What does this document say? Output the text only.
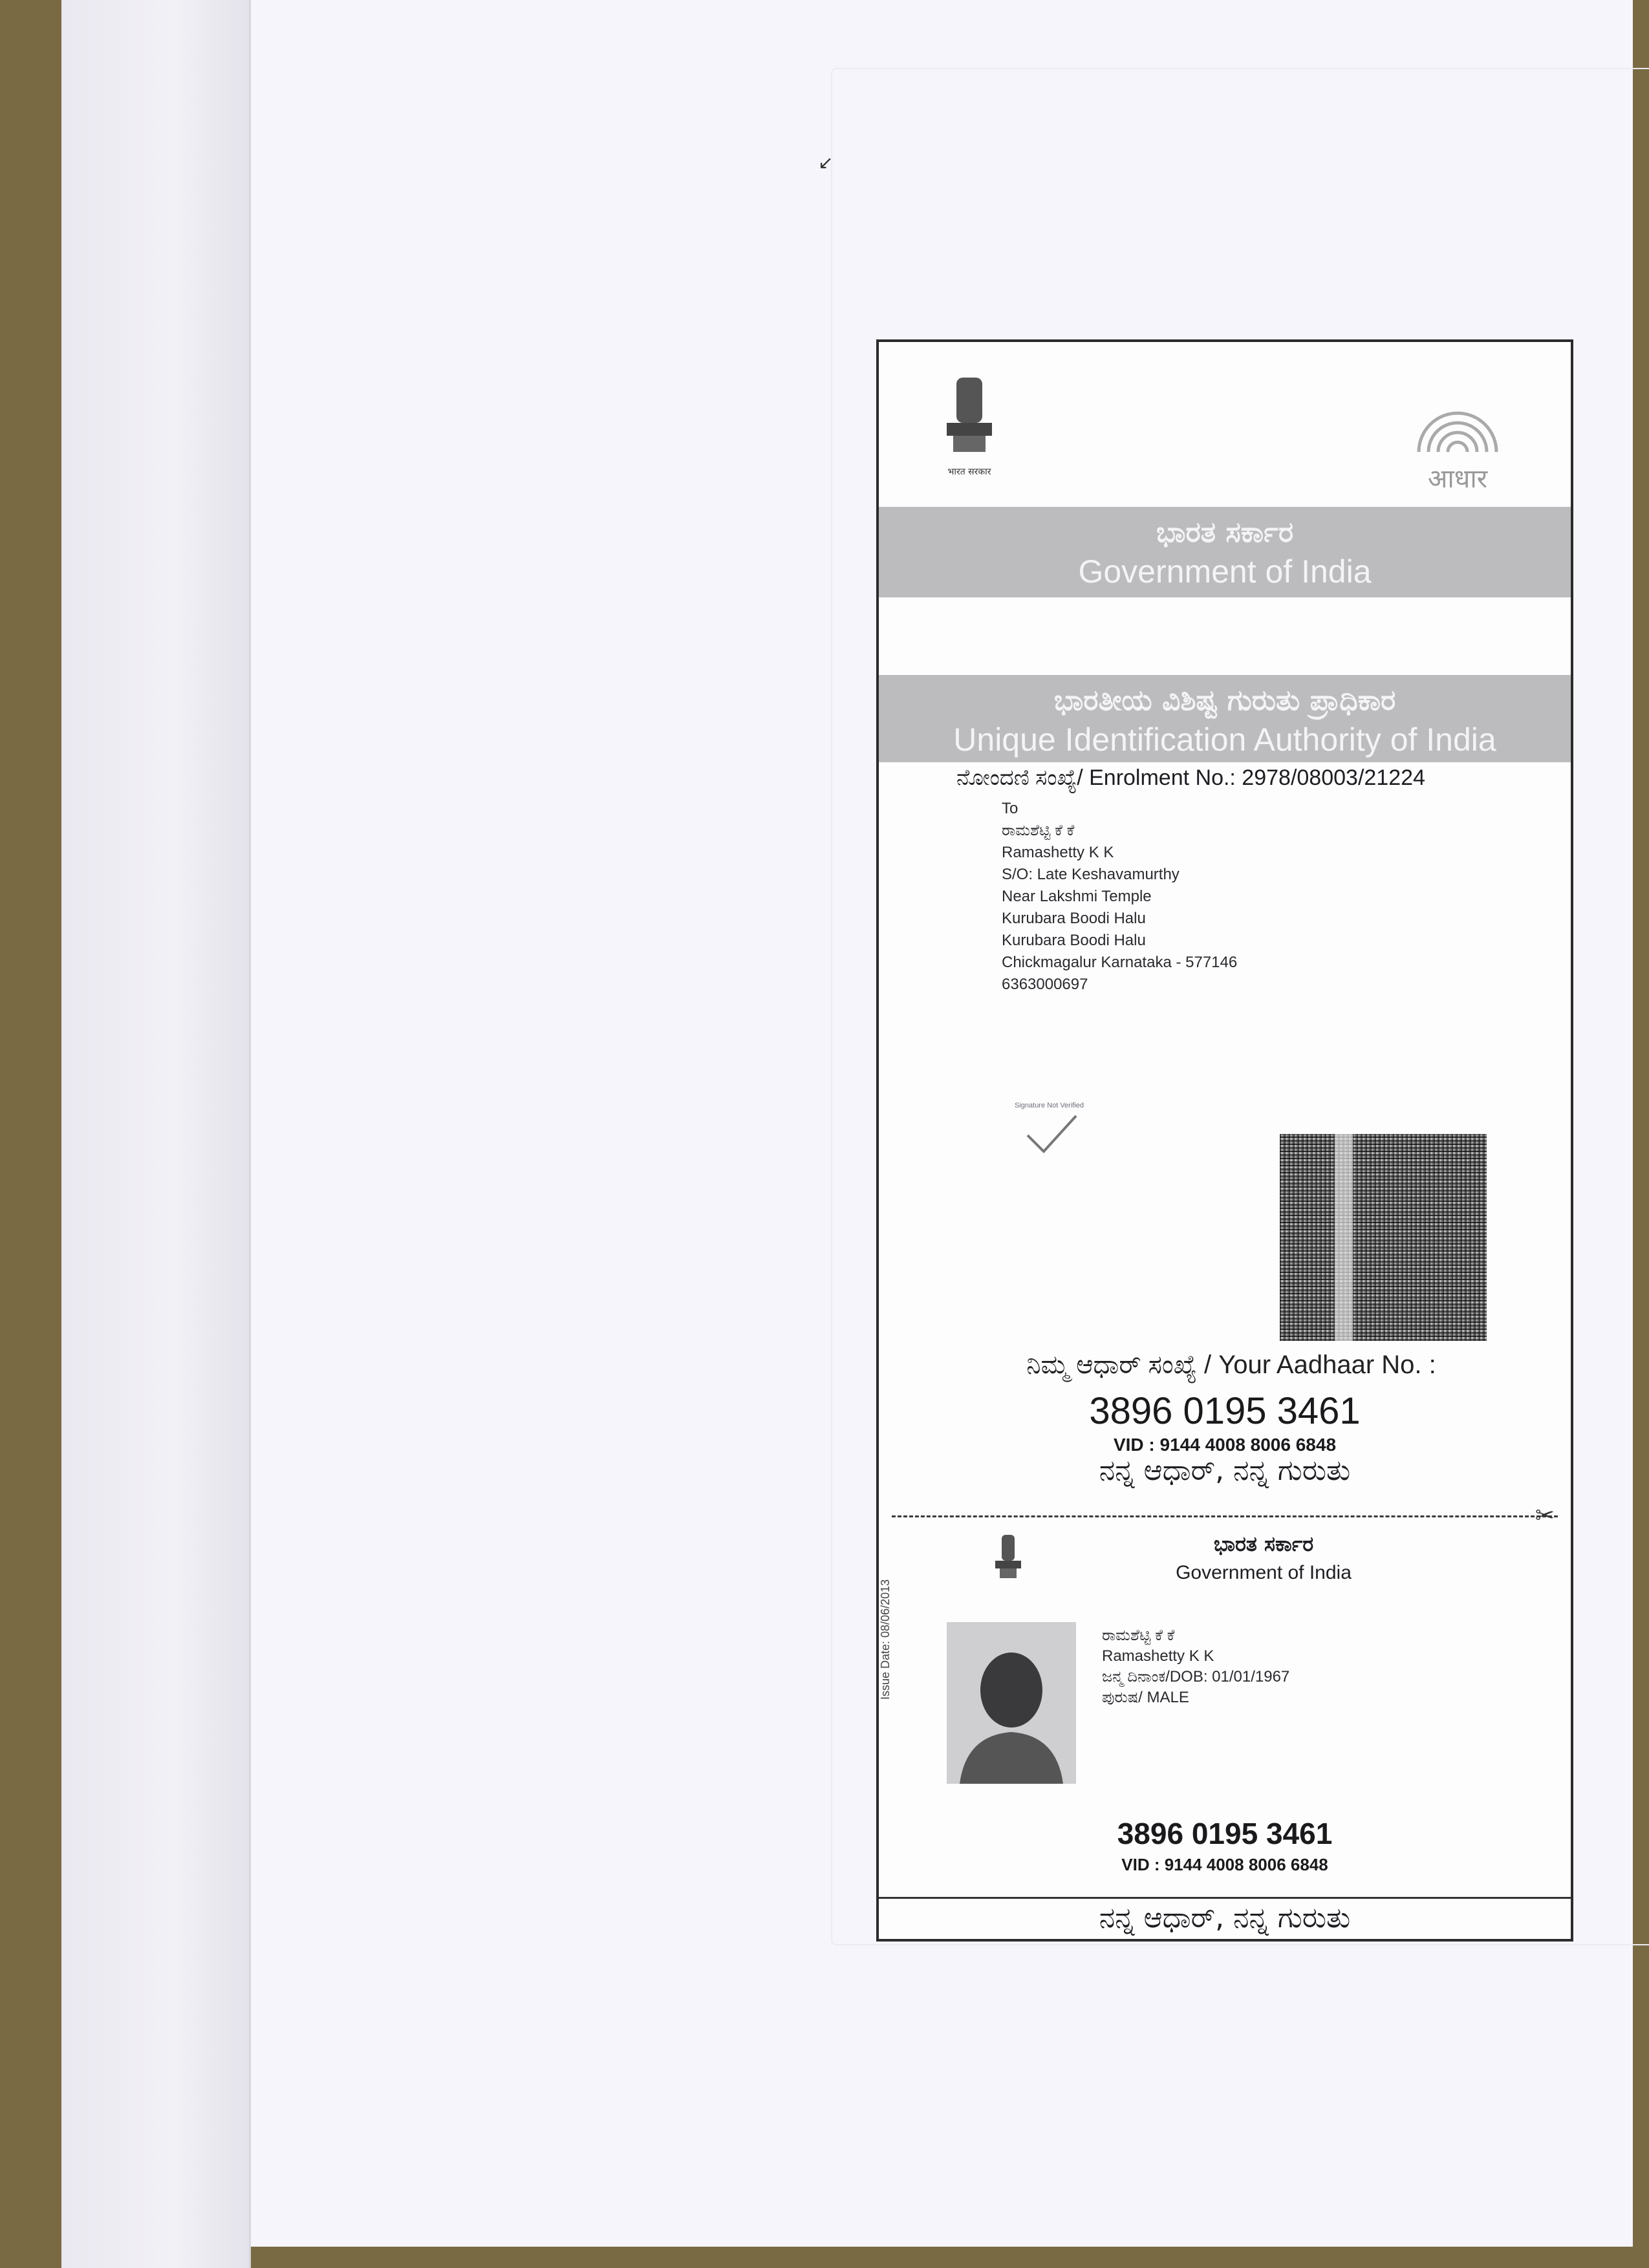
↙
भारत सरकार	आधार
ಭಾರತ ಸರ್ಕಾರ
Government of India
ಭಾರತೀಯ ವಿಶಿಷ್ಟ ಗುರುತು ಪ್ರಾಧಿಕಾರ
Unique Identification Authority of India
ನೋಂದಣಿ ಸಂಖ್ಯೆ/ Enrolment No.: 2978/08003/21224
To
ರಾಮಶೆಟ್ಟಿ ಕೆ ಕೆ
Ramashetty K K
S/O: Late Keshavamurthy
Near Lakshmi Temple
Kurubara Boodi Halu
Kurubara Boodi Halu
Chickmagalur Karnataka - 577146
6363000697
Signature Not Verified
ನಿಮ್ಮ ಆಧಾರ್ ಸಂಖ್ಯೆ / Your Aadhaar No. :
3896 0195 3461
VID : 9144 4008 8006 6848
ನನ್ನ ಆಧಾರ್, ನನ್ನ ಗುರುತು
✂
ಭಾರತ ಸರ್ಕಾರ
Government of India
Issue Date: 08/06/2013	ರಾಮಶೆಟ್ಟಿ ಕೆ ಕೆ
Ramashetty K K
ಜನ್ಮ ದಿನಾಂಕ/DOB: 01/01/1967
ಪುರುಷ/ MALE
3896 0195 3461
VID : 9144 4008 8006 6848
ನನ್ನ ಆಧಾರ್, ನನ್ನ ಗುರುತು
